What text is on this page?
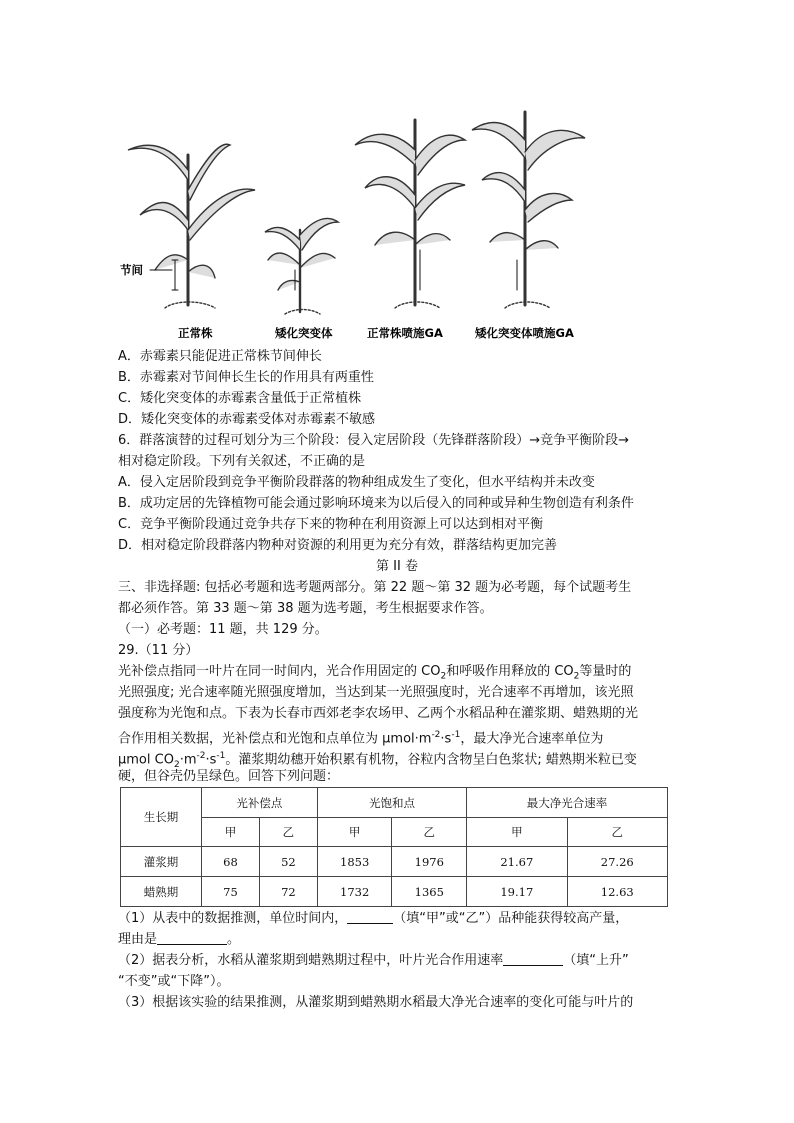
节间
正常株	矮化突变体	正常株喷施GA	矮化突变体喷施GA
A．赤霉素只能促进正常株节间伸长
B．赤霉素对节间伸长生长的作用具有两重性
C．矮化突变体的赤霉素含量低于正常植株
D．矮化突变体的赤霉素受体对赤霉素不敏感
6．群落演替的过程可划分为三个阶段：侵入定居阶段（先锋群落阶段）→竞争平衡阶段→
相对稳定阶段。下列有关叙述，不正确的是
A．侵入定居阶段到竞争平衡阶段群落的物种组成发生了变化，但水平结构并未改变
B．成功定居的先锋植物可能会通过影响环境来为以后侵入的同种或异种生物创造有利条件
C．竞争平衡阶段通过竞争共存下来的物种在利用资源上可以达到相对平衡
D．相对稳定阶段群落内物种对资源的利用更为充分有效，群落结构更加完善
第 II 卷
三、非选择题: 包括必考题和选考题两部分。第 22 题～第 32 题为必考题，每个试题考生
都必须作答。第 33 题～第 38 题为选考题，考生根据要求作答。
（一）必考题：11 题，共 129 分。
29.（11 分）
光补偿点指同一叶片在同一时间内，光合作用固定的 $CO_2$和呼吸作用释放的 $CO_2$等量时的
光照强度; 光合速率随光照强度增加，当达到某一光照强度时，光合速率不再增加，该光照
强度称为光饱和点。下表为长春市西郊老李农场甲、乙两个水稻品种在灌浆期、蜡熟期的光
合作用相关数据，光补偿点和光饱和点单位为 $\mu mol\cdot m^{-2}\cdot s^{-1}$，最大净光合速率单位为
μmol $CO_2\cdot m^{-2}\cdot s^{-1}$。灌浆期幼穗开始积累有机物，谷粒内含物呈白色浆状; 蜡熟期米粒已变
硬，但谷壳仍呈绿色。回答下列问题：
生长期	光补偿点		光饱和点		最大净光合速率	
	甲	乙	甲	乙	甲	乙
灌浆期	68	52	1853	1976	21.67	27.26
蜡熟期	75	72	1732	1365	19.17	12.63
（1）从表中的数据推测，单位时间内，	（填“甲”或“乙”）品种能获得较高产量，
理由是	。
（2）据表分析，水稻从灌浆期到蜡熟期过程中，叶片光合作用速率	（填“上升”
“不变”或“下降”）。
（3）根据该实验的结果推测，从灌浆期到蜡熟期水稻最大净光合速率的变化可能与叶片的
